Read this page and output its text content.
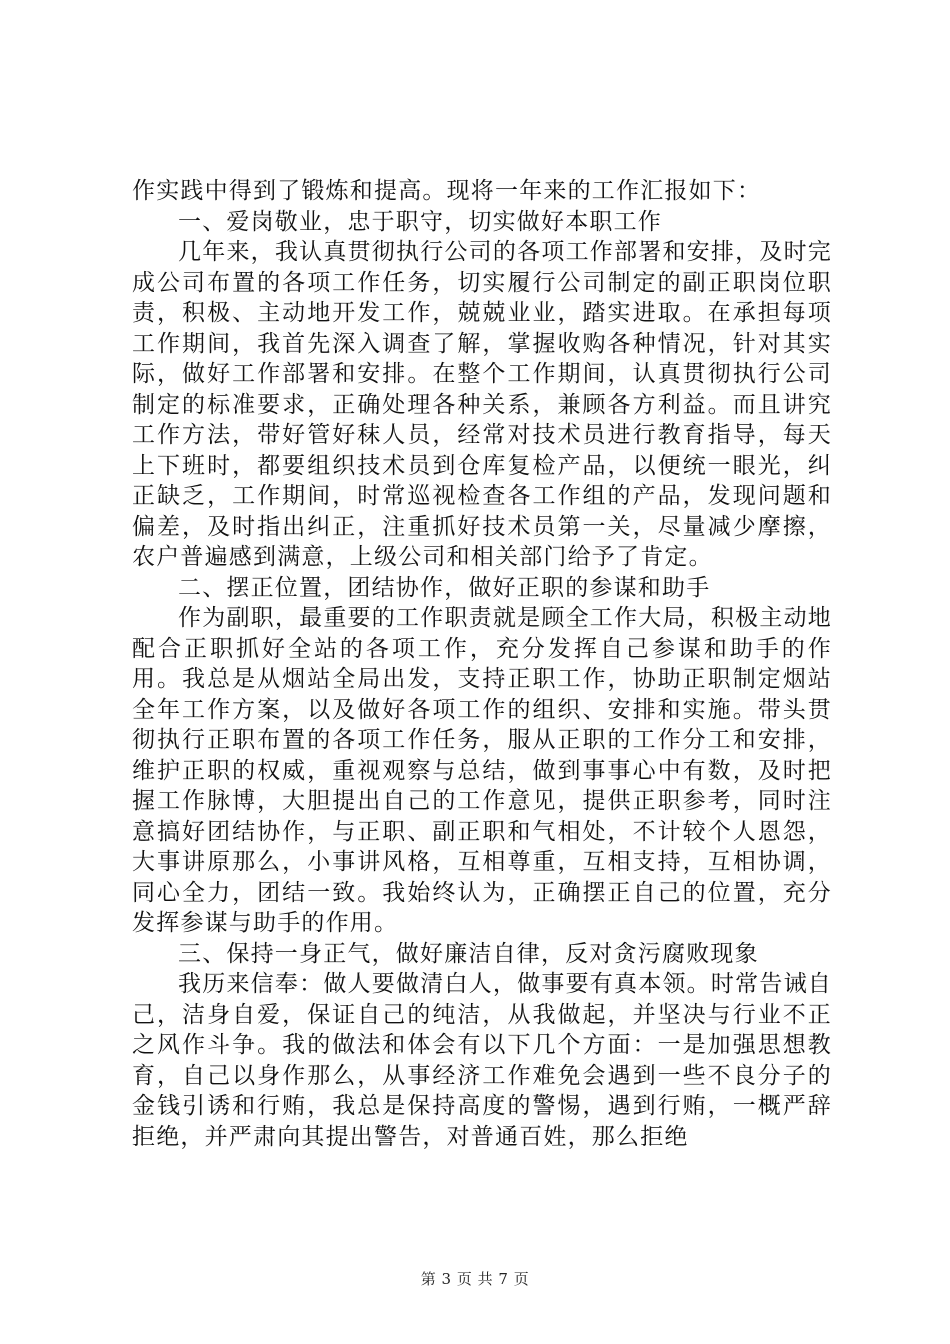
作实践中得到了锻炼和提高。现将一年来的工作汇报如下：

一、爱岗敬业，忠于职守，切实做好本职工作

几年来，我认真贯彻执行公司的各项工作部署和安排，及时完成公司布置的各项工作任务，切实履行公司制定的副正职岗位职责，积极、主动地开发工作，兢兢业业，踏实进取。在承担每项工作期间，我首先深入调查了解，掌握收购各种情况，针对其实际，做好工作部署和安排。在整个工作期间，认真贯彻执行公司制定的标准要求，正确处理各种关系，兼顾各方利益。而且讲究工作方法，带好管好秣人员，经常对技术员进行教育指导，每天上下班时，都要组织技术员到仓库复检产品，以便统一眼光，纠正缺乏，工作期间，时常巡视检查各工作组的产品，发现问题和偏差，及时指出纠正，注重抓好技术员第一关，尽量减少摩擦，农户普遍感到满意，上级公司和相关部门给予了肯定。

二、摆正位置，团结协作，做好正职的参谋和助手

作为副职，最重要的工作职责就是顾全工作大局，积极主动地配合正职抓好全站的各项工作，充分发挥自己参谋和助手的作用。我总是从烟站全局出发，支持正职工作，协助正职制定烟站全年工作方案，以及做好各项工作的组织、安排和实施。带头贯彻执行正职布置的各项工作任务，服从正职的工作分工和安排，维护正职的权威，重视观察与总结，做到事事心中有数，及时把握工作脉博，大胆提出自己的工作意见，提供正职参考，同时注意搞好团结协作，与正职、副正职和气相处，不计较个人恩怨，大事讲原那么，小事讲风格，互相尊重，互相支持，互相协调，同心全力，团结一致。我始终认为，正确摆正自己的位置，充分发挥参谋与助手的作用。

三、保持一身正气，做好廉洁自律，反对贪污腐败现象

我历来信奉：做人要做清白人，做事要有真本领。时常告诫自己，洁身自爱，保证自己的纯洁，从我做起，并坚决与行业不正之风作斗争。我的做法和体会有以下几个方面：一是加强思想教育，自己以身作那么，从事经济工作难免会遇到一些不良分子的金钱引诱和行贿，我总是保持高度的警惕，遇到行贿，一概严辞拒绝，并严肃向其提出警告，对普通百姓，那么拒绝

第 3 页 共 7 页
